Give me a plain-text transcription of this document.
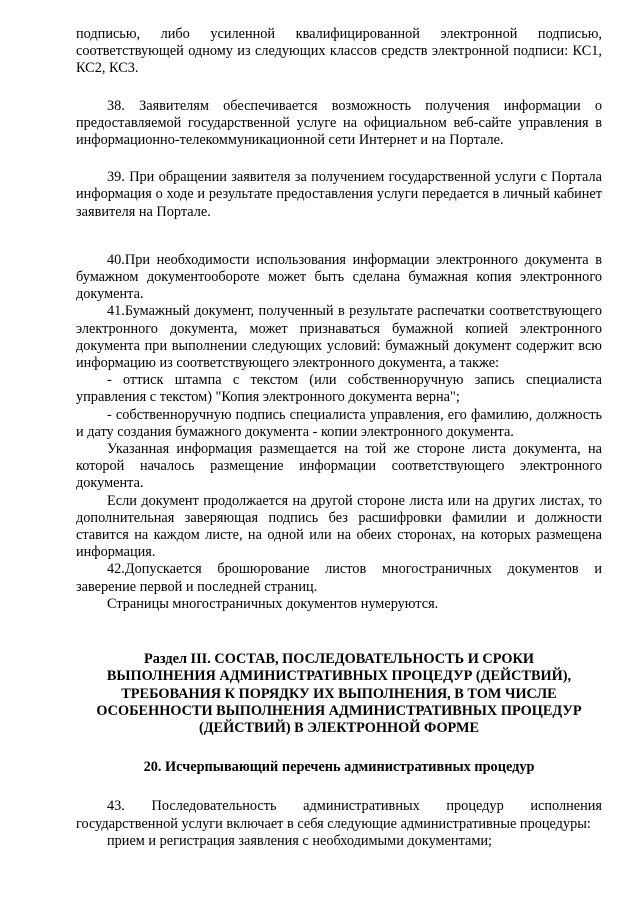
подписью, либо усиленной квалифицированной электронной подписью, соответствующей одному из следующих классов средств электронной подписи: КС1, КС2, КС3.

38. Заявителям обеспечивается возможность получения информации о предоставляемой государственной услуге на официальном веб-сайте управления в информационно-телекоммуникационной сети Интернет и на Портале.

39. При обращении заявителя за получением государственной услуги с Портала информация о ходе и результате предоставления услуги передается в личный кабинет заявителя на Портале.

40.При необходимости использования информации электронного документа в бумажном документообороте может быть сделана бумажная копия электронного документа.

41.Бумажный документ, полученный в результате распечатки соответствующего электронного документа, может признаваться бумажной копией электронного документа при выполнении следующих условий: бумажный документ содержит всю информацию из соответствующего электронного документа, а также:

- оттиск штампа с текстом (или собственноручную запись специалиста управления с текстом) "Копия электронного документа верна";

- собственноручную подпись специалиста управления, его фамилию, должность и дату создания бумажного документа - копии электронного документа.

Указанная информация размещается на той же стороне листа документа, на которой началось размещение информации соответствующего электронного документа.

Если документ продолжается на другой стороне листа или на других листах, то дополнительная заверяющая подпись без расшифровки фамилии и должности ставится на каждом листе, на одной или на обеих сторонах, на которых размещена информация.

42.Допускается брошюрование листов многостраничных документов и заверение первой и последней страниц.

Страницы многостраничных документов нумеруются.

Раздел III. СОСТАВ, ПОСЛЕДОВАТЕЛЬНОСТЬ И СРОКИ
ВЫПОЛНЕНИЯ АДМИНИСТРАТИВНЫХ ПРОЦЕДУР (ДЕЙСТВИЙ),
ТРЕБОВАНИЯ К ПОРЯДКУ ИХ ВЫПОЛНЕНИЯ, В ТОМ ЧИСЛЕ
ОСОБЕННОСТИ ВЫПОЛНЕНИЯ АДМИНИСТРАТИВНЫХ ПРОЦЕДУР
(ДЕЙСТВИЙ) В ЭЛЕКТРОННОЙ ФОРМЕ
20. Исчерпывающий перечень административных процедур

43. Последовательность административных процедур исполнения государственной услуги включает в себя следующие административные процедуры:

прием и регистрация заявления с необходимыми документами;
